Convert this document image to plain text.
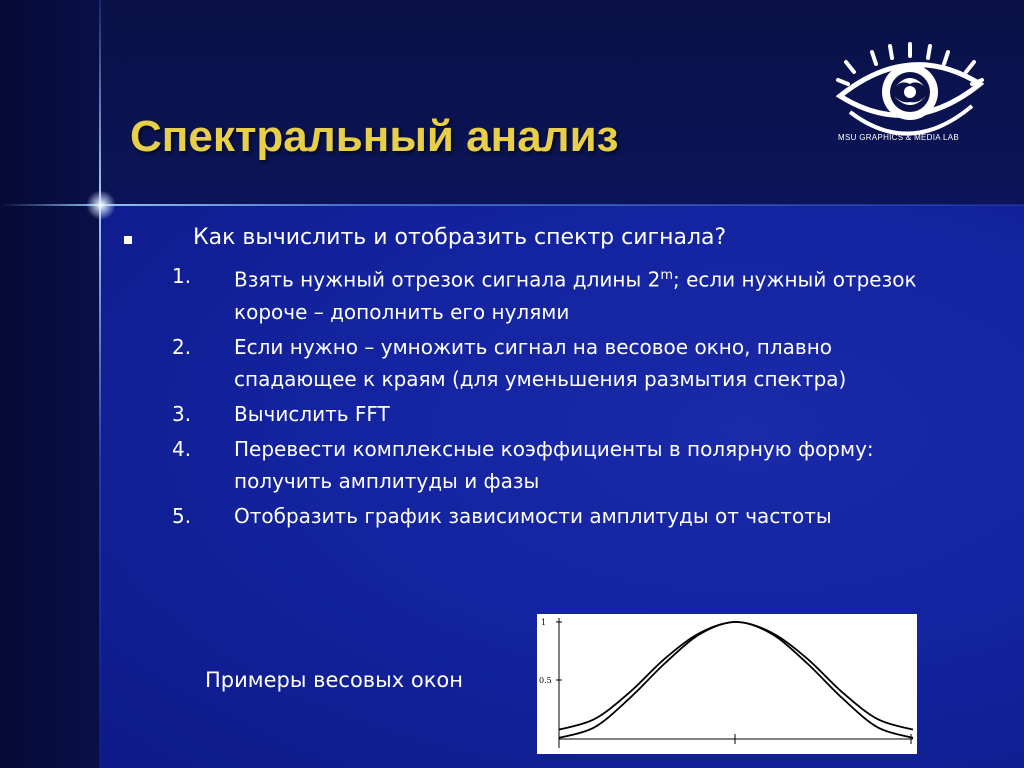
Спектральный анализ	MSU GRAPHICS & MEDIA LAB
Как вычислить и отобразить спектр сигнала?
1. Взять нужный отрезок сигнала длины 2$^m$; если нужный отрезок
короче – дополнить его нулями
2. Если нужно – умножить сигнал на весовое окно, плавно
спадающее к краям (для уменьшения размытия спектра)
3. Вычислить FFT
4. Перевести комплексные коэффициенты в полярную форму:
получить амплитуды и фазы
5. Отобразить график зависимости амплитуды от частоты
Примеры весовых окон
1
0.5
